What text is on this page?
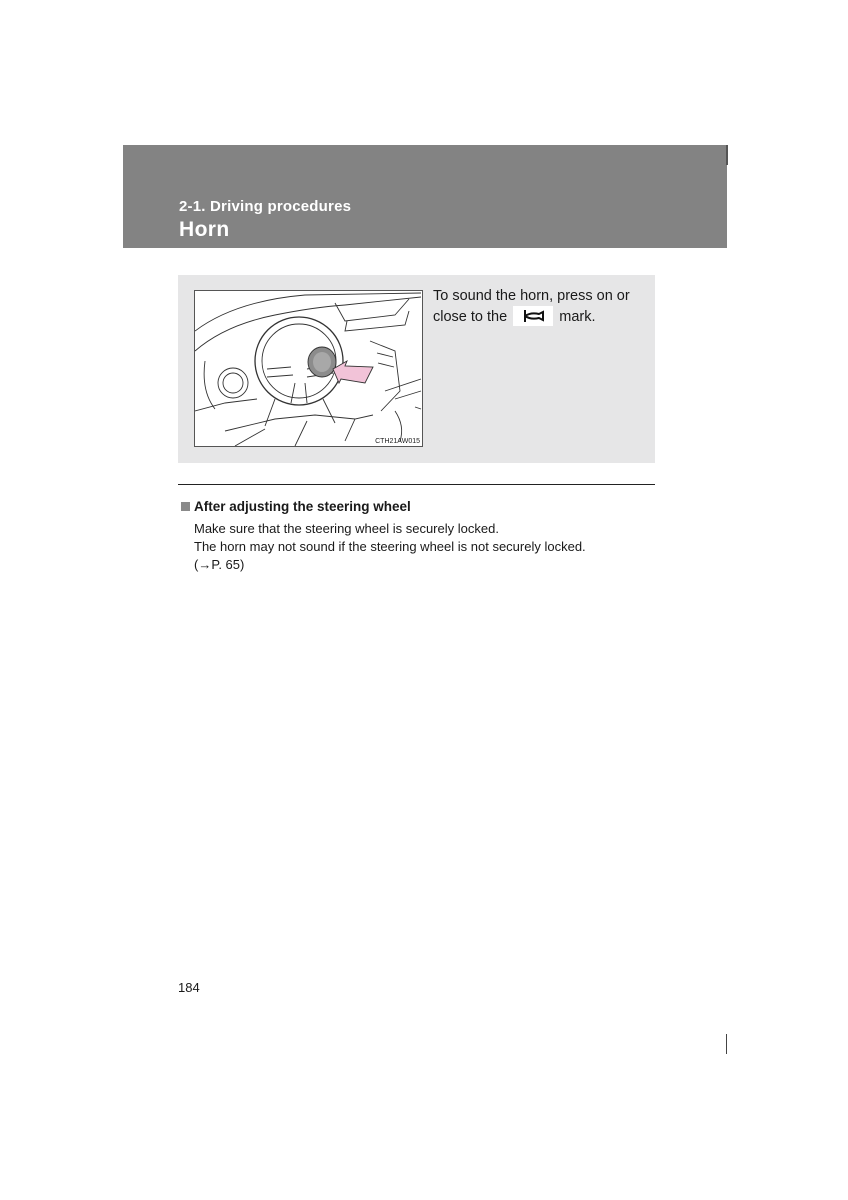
2-1. Driving procedures
Horn
CTH21AW015
To sound the horn, press on or close to the	mark.
After adjusting the steering wheel
Make sure that the steering wheel is securely locked.
The horn may not sound if the steering wheel is not securely locked.
(→P. 65)
184
